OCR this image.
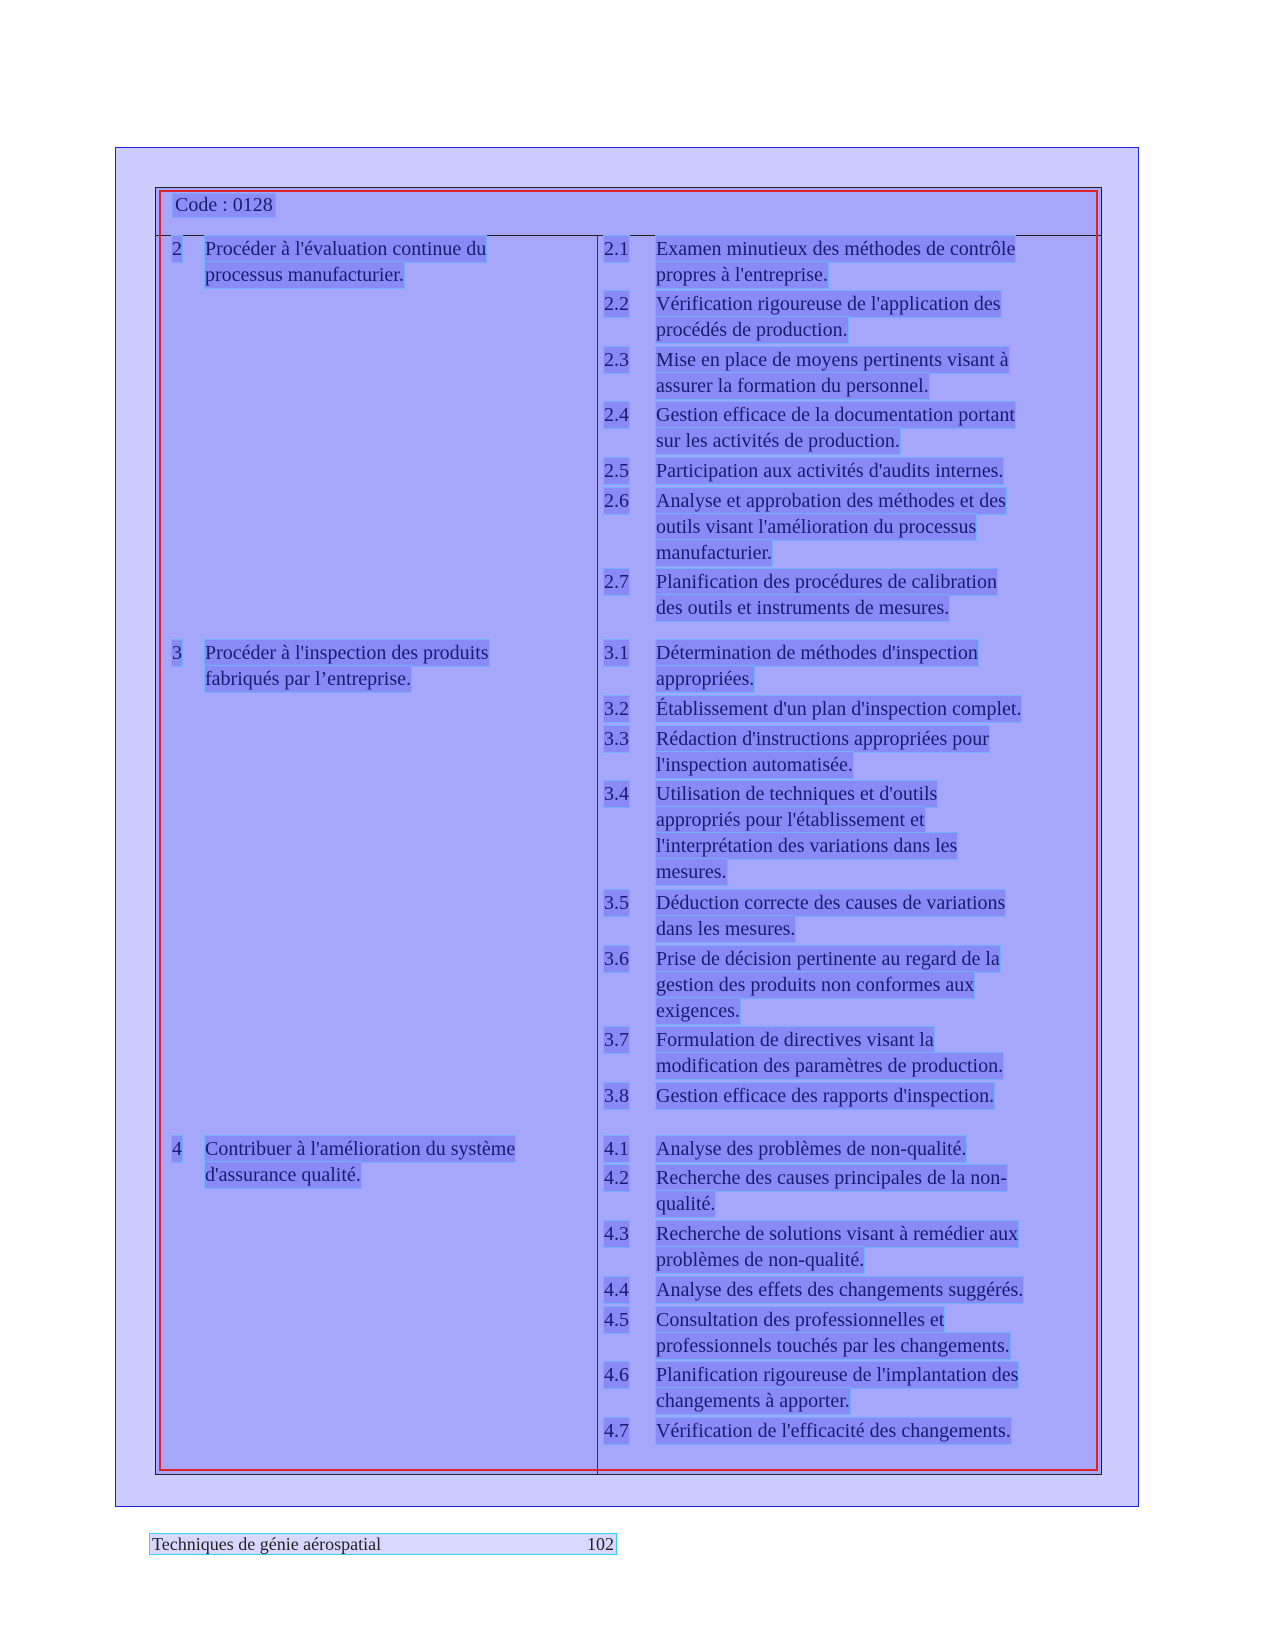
Code : 0128
2 Procéder à l'évaluation continue du
processus manufacturier.
3 Procéder à l'inspection des produits
fabriqués par l’entreprise.
4 Contribuer à l'amélioration du système
d'assurance qualité.
2.1 Examen minutieux des méthodes de contrôle
propres à l'entreprise.
2.2 Vérification rigoureuse de l'application des
procédés de production.
2.3 Mise en place de moyens pertinents visant à
assurer la formation du personnel.
2.4 Gestion efficace de la documentation portant
sur les activités de production.
2.5 Participation aux activités d'audits internes.
2.6 Analyse et approbation des méthodes et des
outils visant l'amélioration du processus
manufacturier.
2.7 Planification des procédures de calibration
des outils et instruments de mesures.
3.1 Détermination de méthodes d'inspection
appropriées.
3.2 Établissement d'un plan d'inspection complet.
3.3 Rédaction d'instructions appropriées pour
l'inspection automatisée.
3.4 Utilisation de techniques et d'outils
appropriés pour l'établissement et
l'interprétation des variations dans les
mesures.
3.5 Déduction correcte des causes de variations
dans les mesures.
3.6 Prise de décision pertinente au regard de la
gestion des produits non conformes aux
exigences.
3.7 Formulation de directives visant la
modification des paramètres de production.
3.8 Gestion efficace des rapports d'inspection.
4.1 Analyse des problèmes de non-qualité.
4.2 Recherche des causes principales de la non-
qualité.
4.3 Recherche de solutions visant à remédier aux
problèmes de non-qualité.
4.4 Analyse des effets des changements suggérés.
4.5 Consultation des professionnelles et
professionnels touchés par les changements.
4.6 Planification rigoureuse de l'implantation des
changements à apporter.
4.7 Vérification de l'efficacité des changements.
Techniques de génie aérospatial	102
